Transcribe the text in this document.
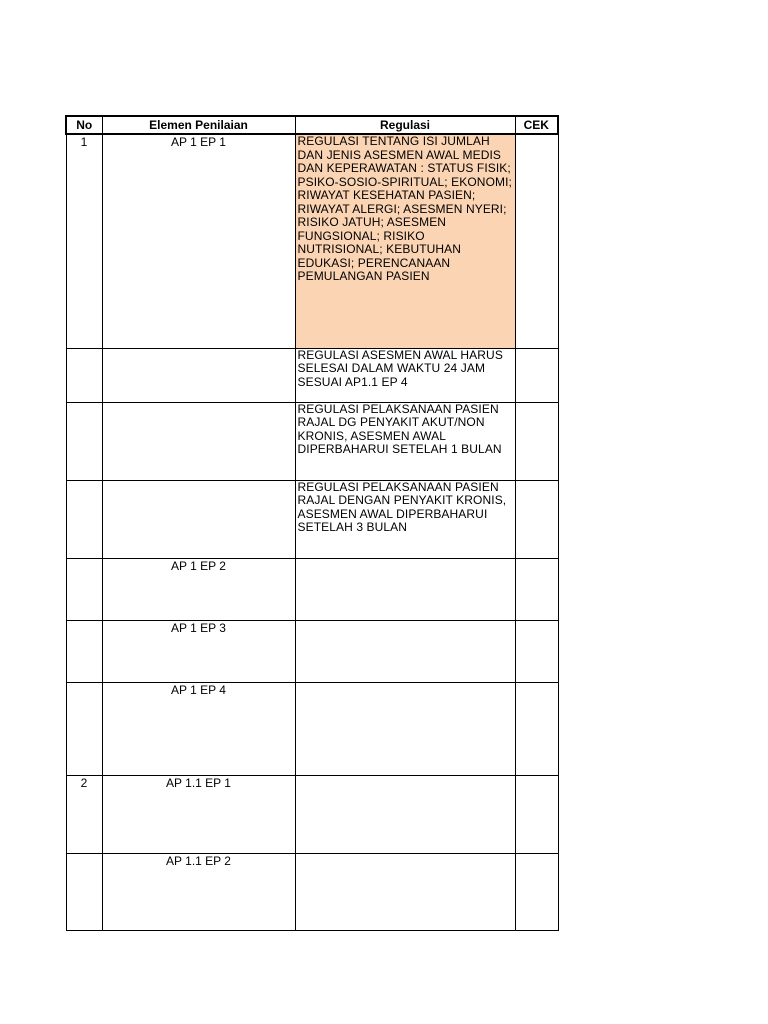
No	Elemen Penilaian	Regulasi	CEK
1	AP 1 EP 1	REGULASI TENTANG ISI JUMLAH DAN JENIS ASESMEN AWAL MEDIS DAN KEPERAWATAN : STATUS FISIK; PSIKO-SOSIO-SPIRITUAL; EKONOMI; RIWAYAT KESEHATAN PASIEN; RIWAYAT ALERGI; ASESMEN NYERI; RISIKO JATUH; ASESMEN FUNGSIONAL; RISIKO NUTRISIONAL; KEBUTUHAN EDUKASI; PERENCANAAN PEMULANGAN PASIEN	
		REGULASI ASESMEN AWAL HARUS SELESAI DALAM WAKTU 24 JAM SESUAI AP1.1 EP 4	
		REGULASI PELAKSANAAN PASIEN RAJAL DG PENYAKIT AKUT/NON KRONIS, ASESMEN AWAL DIPERBAHARUI SETELAH 1 BULAN	
		REGULASI PELAKSANAAN PASIEN RAJAL DENGAN PENYAKIT KRONIS, ASESMEN AWAL DIPERBAHARUI SETELAH 3 BULAN	
	AP 1 EP 2		
	AP 1 EP 3		
	AP 1 EP 4		
2	AP 1.1 EP 1		
	AP 1.1 EP 2		
